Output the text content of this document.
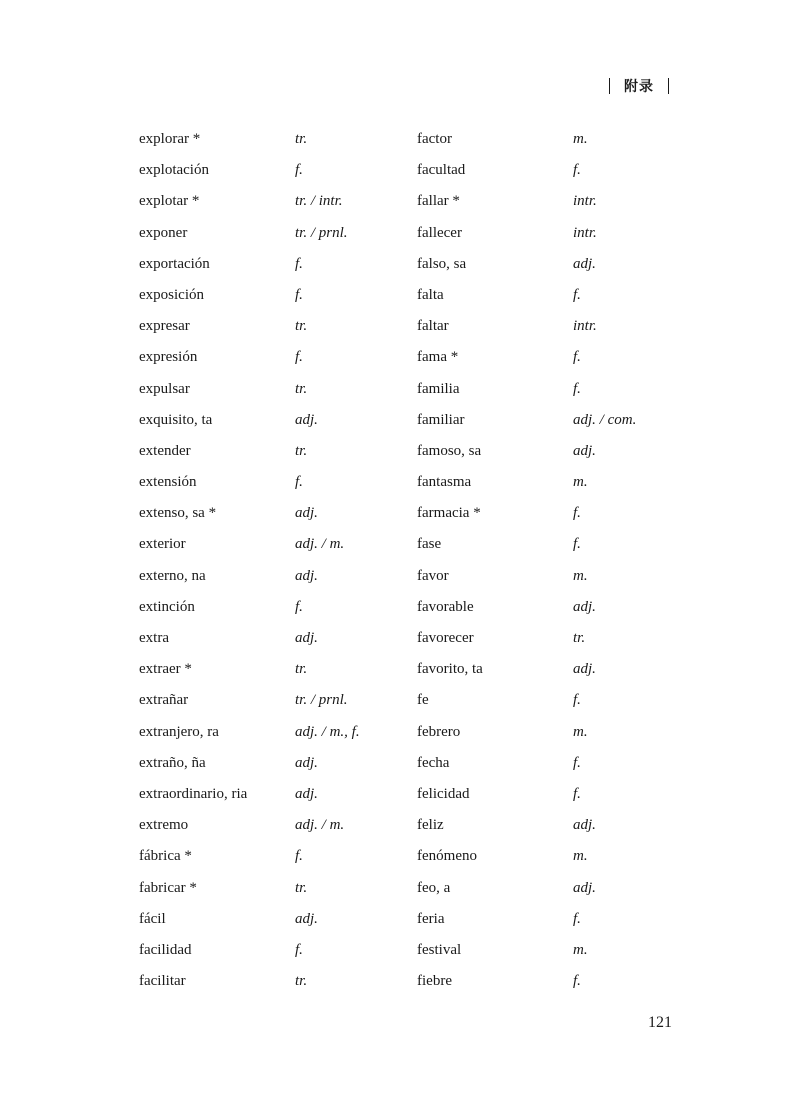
附录
explorar *	tr.	factor	m.
explotación	f.	facultad	f.
explotar *	tr. / intr.	fallar *	intr.
exponer	tr. / prnl.	fallecer	intr.
exportación	f.	falso, sa	adj.
exposición	f.	falta	f.
expresar	tr.	faltar	intr.
expresión	f.	fama *	f.
expulsar	tr.	familia	f.
exquisito, ta	adj.	familiar	adj. / com.
extender	tr.	famoso, sa	adj.
extensión	f.	fantasma	m.
extenso, sa *	adj.	farmacia *	f.
exterior	adj. / m.	fase	f.
externo, na	adj.	favor	m.
extinción	f.	favorable	adj.
extra	adj.	favorecer	tr.
extraer *	tr.	favorito, ta	adj.
extrañar	tr. / prnl.	fe	f.
extranjero, ra	adj. / m., f.	febrero	m.
extraño, ña	adj.	fecha	f.
extraordinario, ria	adj.	felicidad	f.
extremo	adj. / m.	feliz	adj.
fábrica *	f.	fenómeno	m.
fabricar *	tr.	feo, a	adj.
fácil	adj.	feria	f.
facilidad	f.	festival	m.
facilitar	tr.	fiebre	f.
121
